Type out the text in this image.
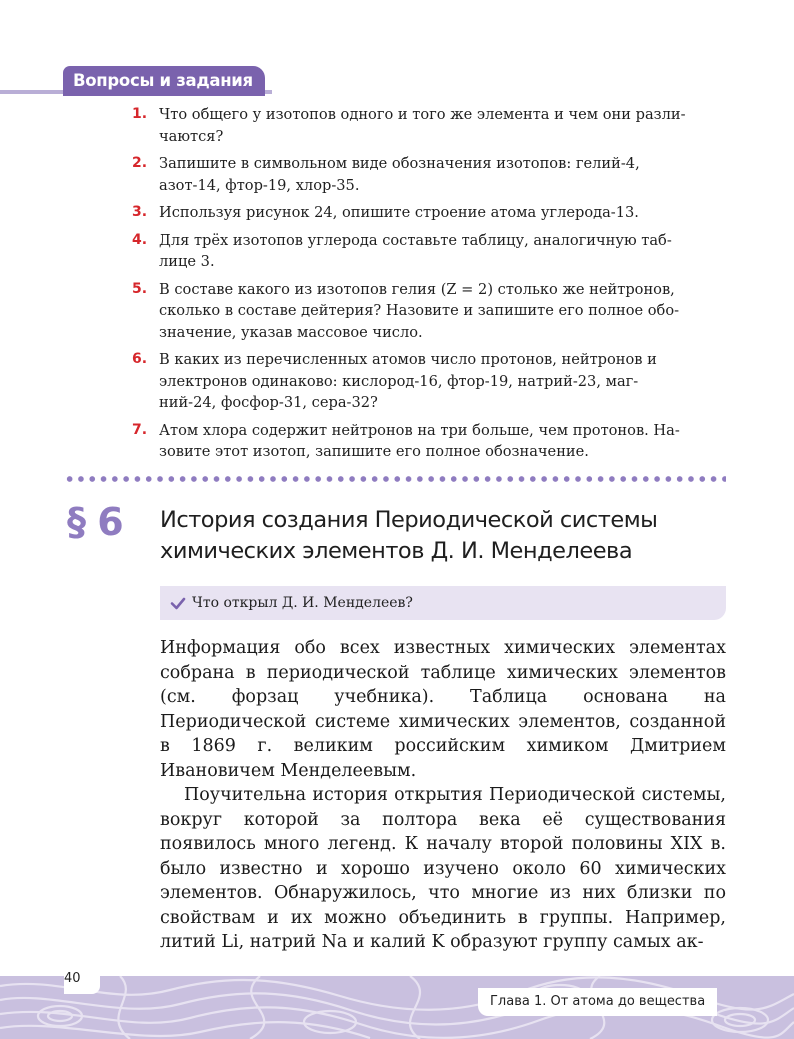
Вопросы и задания
1. Что общего у изотопов одного и того же элемента и чем они разли-
чаются?
2. Запишите в символьном виде обозначения изотопов: гелий-4,
азот-14, фтор-19, хлор-35.
3. Используя рисунок 24, опишите строение атома углерода-13.
4. Для трёх изотопов углерода составьте таблицу, аналогичную таб-
лице 3.
5. В составе какого из изотопов гелия (Z = 2) столько же нейтронов,
сколько в составе дейтерия? Назовите и запишите его полное обо-
значение, указав массовое число.
6. В каких из перечисленных атомов число протонов, нейтронов и
электронов одинаково: кислород-16, фтор-19, натрий-23, маг-
ний-24, фосфор-31, сера-32?
7. Атом хлора содержит нейтронов на три больше, чем протонов. На-
зовите этот изотоп, запишите его полное обозначение.
§ 6 История создания Периодической системы
химических элементов Д. И. Менделеева
Что открыл Д. И. Менделеев?

Информация обо всех известных химических элементах собрана в периодической таблице химических элементов (см. форзац учебника). Таблица основана на Периодической системе химических элементов, созданной в 1869 г. великим российским химиком Дмитрием Ивановичем Менделеевым.

Поучительна история открытия Периодической системы, вокруг которой за полтора века её существования появилось много легенд. К началу второй половины XIX в. было известно и хорошо изучено около 60 химических элементов. Обнаружилось, что многие из них близки по свойствам и их можно объединить в группы. Например, литий Li, натрий Na и калий K образуют группу самых ак-

40
Глава 1. От атома до вещества
